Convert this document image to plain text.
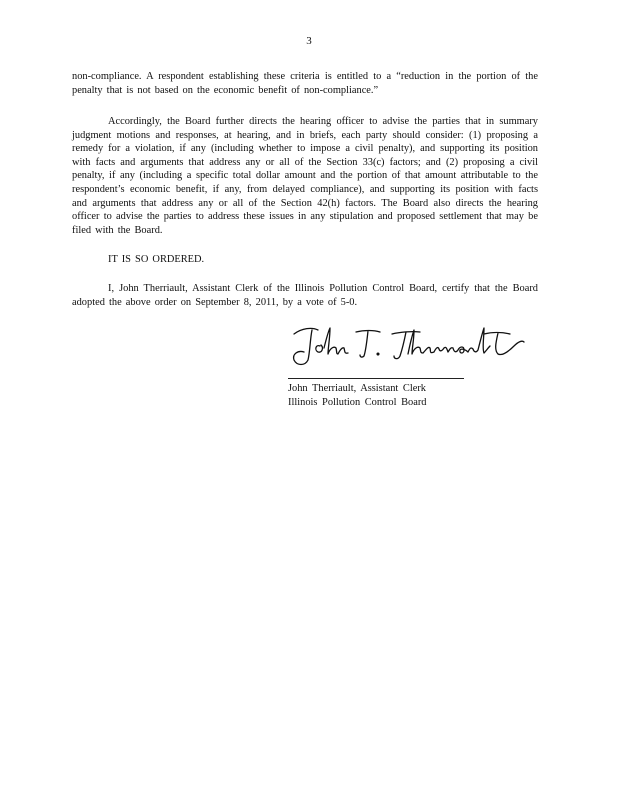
3

non-compliance. A respondent establishing these criteria is entitled to a “reduction in the portion of the penalty that is not based on the economic benefit of non-compliance.”

Accordingly, the Board further directs the hearing officer to advise the parties that in summary judgment motions and responses, at hearing, and in briefs, each party should consider: (1) proposing a remedy for a violation, if any (including whether to impose a civil penalty), and supporting its position with facts and arguments that address any or all of the Section 33(c) factors; and (2) proposing a civil penalty, if any (including a specific total dollar amount and the portion of that amount attributable to the respondent’s economic benefit, if any, from delayed compliance), and supporting its position with facts and arguments that address any or all of the Section 42(h) factors. The Board also directs the hearing officer to advise the parties to address these issues in any stipulation and proposed settlement that may be filed with the Board.

IT IS SO ORDERED.

I, John Therriault, Assistant Clerk of the Illinois Pollution Control Board, certify that the Board adopted the above order on September 8, 2011, by a vote of 5-0.

John Therriault, Assistant Clerk
Illinois Pollution Control Board
